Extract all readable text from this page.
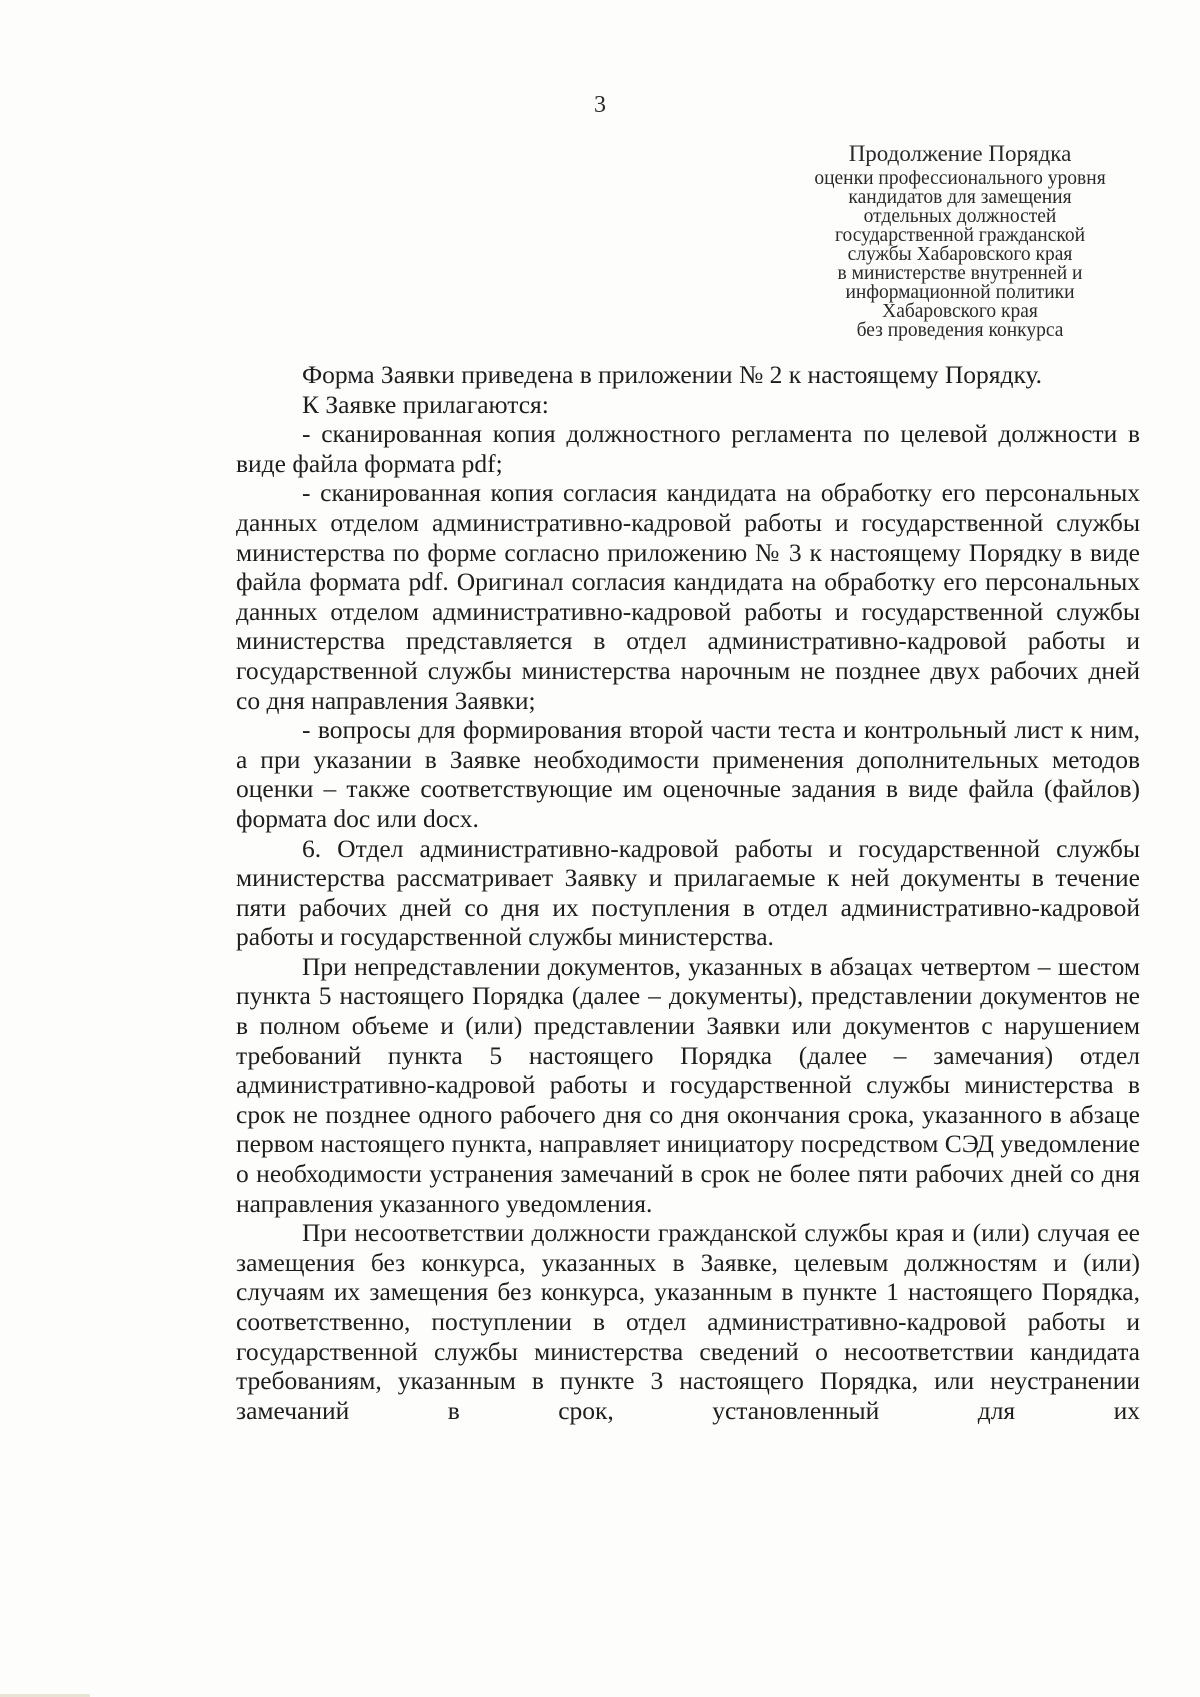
3
Продолжение Порядка
оценки профессионального уровня
кандидатов для замещения
отдельных должностей
государственной гражданской
службы Хабаровского края
в министерстве внутренней и
информационной политики
Хабаровского края
без проведения конкурса

Форма Заявки приведена в приложении № 2 к настоящему Порядку.

К Заявке прилагаются:

- сканированная копия должностного регламента по целевой должности в виде файла формата pdf;

- сканированная копия согласия кандидата на обработку его персональных данных отделом административно-кадровой работы и государственной службы министерства по форме согласно приложению № 3 к настоящему Порядку в виде файла формата pdf. Оригинал согласия кандидата на обработку его персональных данных отделом административно-кадровой работы и государственной службы министерства представляется в отдел административно-кадровой работы и государственной службы министерства нарочным не позднее двух рабочих дней со дня направления Заявки;

- вопросы для формирования второй части теста и контрольный лист к ним, а при указании в Заявке необходимости применения дополнительных методов оценки – также соответствующие им оценочные задания в виде файла (файлов) формата doc или docx.

6. Отдел административно-кадровой работы и государственной службы министерства рассматривает Заявку и прилагаемые к ней документы в течение пяти рабочих дней со дня их поступления в отдел административно-кадровой работы и государственной службы министерства.

При непредставлении документов, указанных в абзацах четвертом – шестом пункта 5 настоящего Порядка (далее – документы), представлении документов не в полном объеме и (или) представлении Заявки или документов с нарушением требований пункта 5 настоящего Порядка (далее – замечания) отдел административно-кадровой работы и государственной службы министерства в срок не позднее одного рабочего дня со дня окончания срока, указанного в абзаце первом настоящего пункта, направляет инициатору посредством СЭД уведомление о необходимости устранения замечаний в срок не более пяти рабочих дней со дня направления указанного уведомления.

При несоответствии должности гражданской службы края и (или) случая ее замещения без конкурса, указанных в Заявке, целевым должностям и (или) случаям их замещения без конкурса, указанным в пункте 1 настоящего Порядка, соответственно, поступлении в отдел административно-кадровой работы и государственной службы министерства сведений о несоответствии кандидата требованиям, указанным в пункте 3 настоящего Порядка, или неустранении замечаний в срок, установленный для их
